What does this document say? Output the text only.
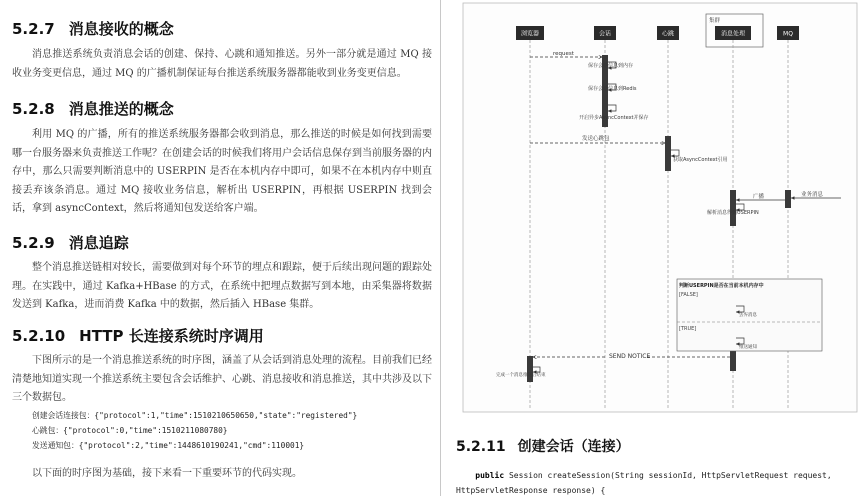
5.2.7 消息接收的概念

消息推送系统负责消息会话的创建、保持、心跳和通知推送。另外一部分就是通过 MQ 接收业务变更信息，通过 MQ 的广播机制保证每台推送系统服务器都能收到业务变更信息。

5.2.8 消息推送的概念

利用 MQ 的广播，所有的推送系统服务器都会收到消息，那么推送的时候是如何找到需要哪一台服务器来负责推送工作呢？在创建会话的时候我们将用户会话信息保存到当前服务器的内存中，那么只需要判断消息中的 USERPIN 是否在本机内存中即可，如果不在本机内存中则直接丢弃该条消息。通过 MQ 接收业务信息，解析出 USERPIN，再根据 USERPIN 找到会话，拿到 asyncContext，然后将通知包发送给客户端。

5.2.9 消息追踪

整个消息推送链相对较长，需要做到对每个环节的埋点和跟踪，便于后续出现问题的跟踪处理。在实践中，通过 Kafka+HBase 的方式，在系统中把埋点数据写到本地，由采集器将数据发送到 Kafka，进而消费 Kafka 中的数据，然后插入 HBase 集群。

5.2.10 HTTP 长连接系统时序调用

下图所示的是一个消息推送系统的时序图，涵盖了从会话到消息处理的流程。目前我们已经清楚地知道实现一个推送系统主要包含会话维护、心跳、消息接收和消息推送，其中共涉及以下三个数据包。

创建会话连接包：{"protocol":1,"time":1510210650650,"state":"registered"}
心跳包：{"protocol":0,"time":1510211080780}
发送通知包：{"protocol":2,"time":1448610190241,"cmd":110001}

以下面的时序图为基础，接下来看一下重要环节的代码实现。

集群
浏览器	会话	心跳	消息处理	MQ
request
保存会话信息到内存
保存会话信息到Redis
开启异步AsyncContext并保存
发送心跳包
获取AsyncContext引用
业务消息
广播
解析消息得到USERPIN
判断USERPIN是否在当前本机内存中
[FALSE]
[TRUE]
丢弃消息
推送通知
SEND NOTICE
完成一个消息推送后结束
5.2.11 创建会话（连接）
public Session createSession(String sessionId, HttpServletRequest request,
HttpServletResponse response) {
